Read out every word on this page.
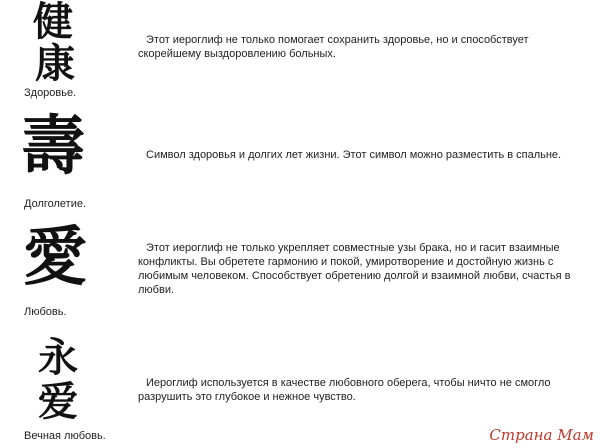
健
康
Здоровье.

Этот иероглиф не только помогает сохранить здоровье, но и способствует скорейшему выздоровлению больных.

壽
Долголетие.

Символ здоровья и долгих лет жизни. Этот символ можно разместить в спальне.

愛
Любовь.

Этот иероглиф не только укрепляет совместные узы брака, но и гасит взаимные конфликты. Вы обретете гармонию и покой, умиротворение и достойную жизнь с любимым человеком. Способствует обретению долгой и взаимной любви, счастья в любви.

永
爱
Вечная любовь.

Иероглиф используется в качестве любовного оберега, чтобы ничто не смогло разрушить это глубокое и нежное чувство.

Страна Мам
